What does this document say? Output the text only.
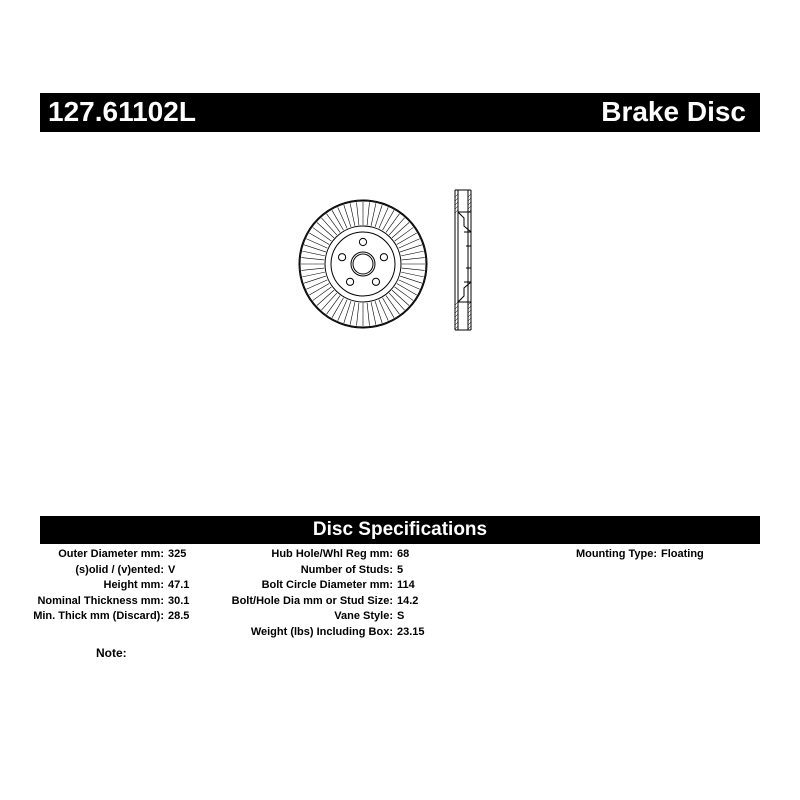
127.61102L	Brake Disc
Disc Specifications
Outer Diameter mm: 325
(s)olid / (v)ented: V
Height mm: 47.1
Nominal Thickness mm: 30.1
Min. Thick mm (Discard): 28.5
Hub Hole/Whl Reg mm: 68
Number of Studs: 5
Bolt Circle Diameter mm: 114
Bolt/Hole Dia mm or Stud Size: 14.2
Vane Style: S
Weight (lbs) Including Box: 23.15
Mounting Type: Floating
Note:
